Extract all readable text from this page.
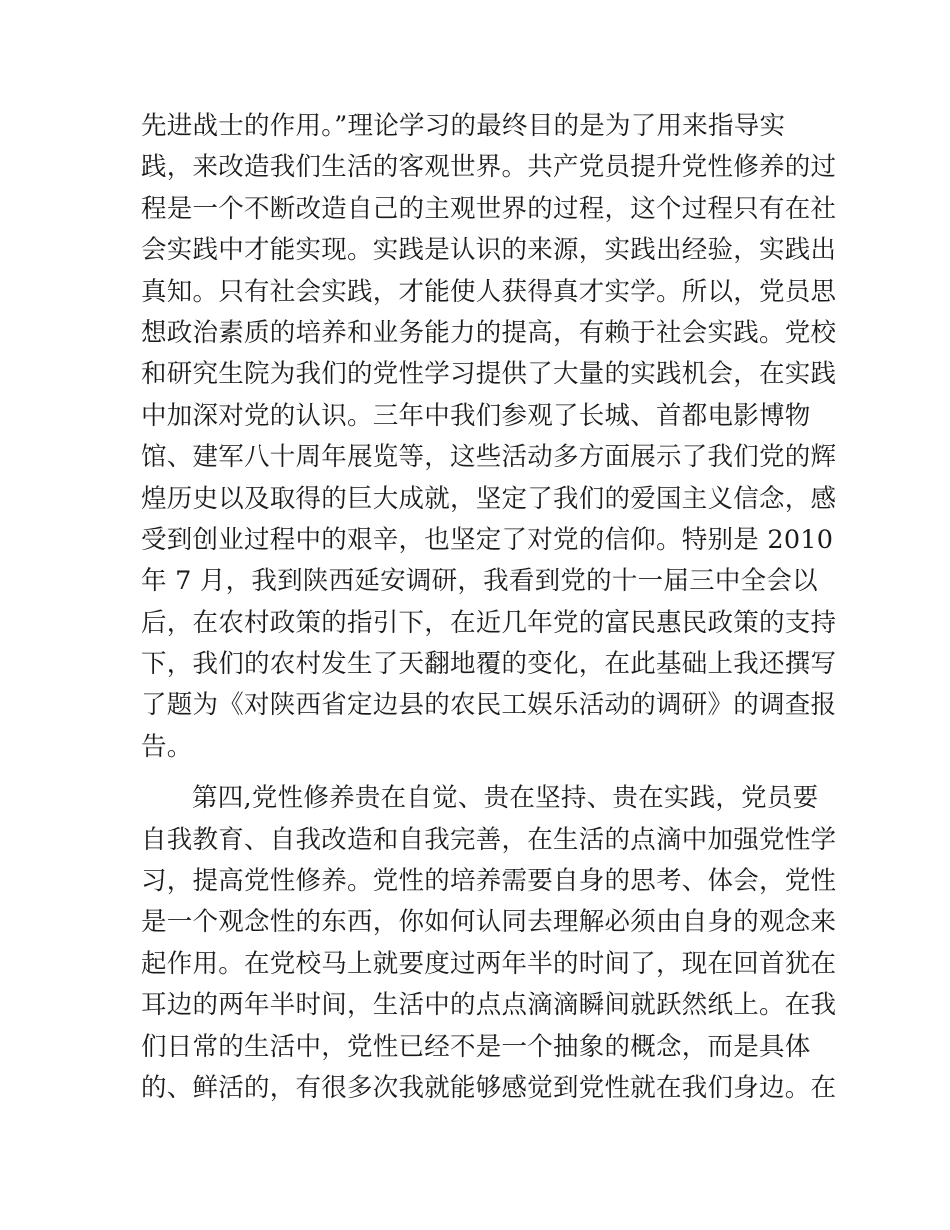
先进战士的作用。”理论学习的最终目的是为了用来指导实
践，来改造我们生活的客观世界。共产党员提升党性修养的过
程是一个不断改造自己的主观世界的过程，这个过程只有在社
会实践中才能实现。实践是认识的来源，实践出经验，实践出
真知。只有社会实践，才能使人获得真才实学。所以，党员思
想政治素质的培养和业务能力的提高，有赖于社会实践。党校
和研究生院为我们的党性学习提供了大量的实践机会，在实践
中加深对党的认识。三年中我们参观了长城、首都电影博物
馆、建军八十周年展览等，这些活动多方面展示了我们党的辉
煌历史以及取得的巨大成就，坚定了我们的爱国主义信念，感
受到创业过程中的艰辛，也坚定了对党的信仰。特别是 2010
年 7 月，我到陕西延安调研，我看到党的十一届三中全会以
后，在农村政策的指引下，在近几年党的富民惠民政策的支持
下，我们的农村发生了天翻地覆的变化，在此基础上我还撰写
了题为《对陕西省定边县的农民工娱乐活动的调研》的调查报
告。
第四,党性修养贵在自觉、贵在坚持、贵在实践，党员要
自我教育、自我改造和自我完善，在生活的点滴中加强党性学
习，提高党性修养。党性的培养需要自身的思考、体会，党性
是一个观念性的东西，你如何认同去理解必须由自身的观念来
起作用。在党校马上就要度过两年半的时间了，现在回首犹在
耳边的两年半时间，生活中的点点滴滴瞬间就跃然纸上。在我
们日常的生活中，党性已经不是一个抽象的概念，而是具体
的、鲜活的，有很多次我就能够感觉到党性就在我们身边。在
